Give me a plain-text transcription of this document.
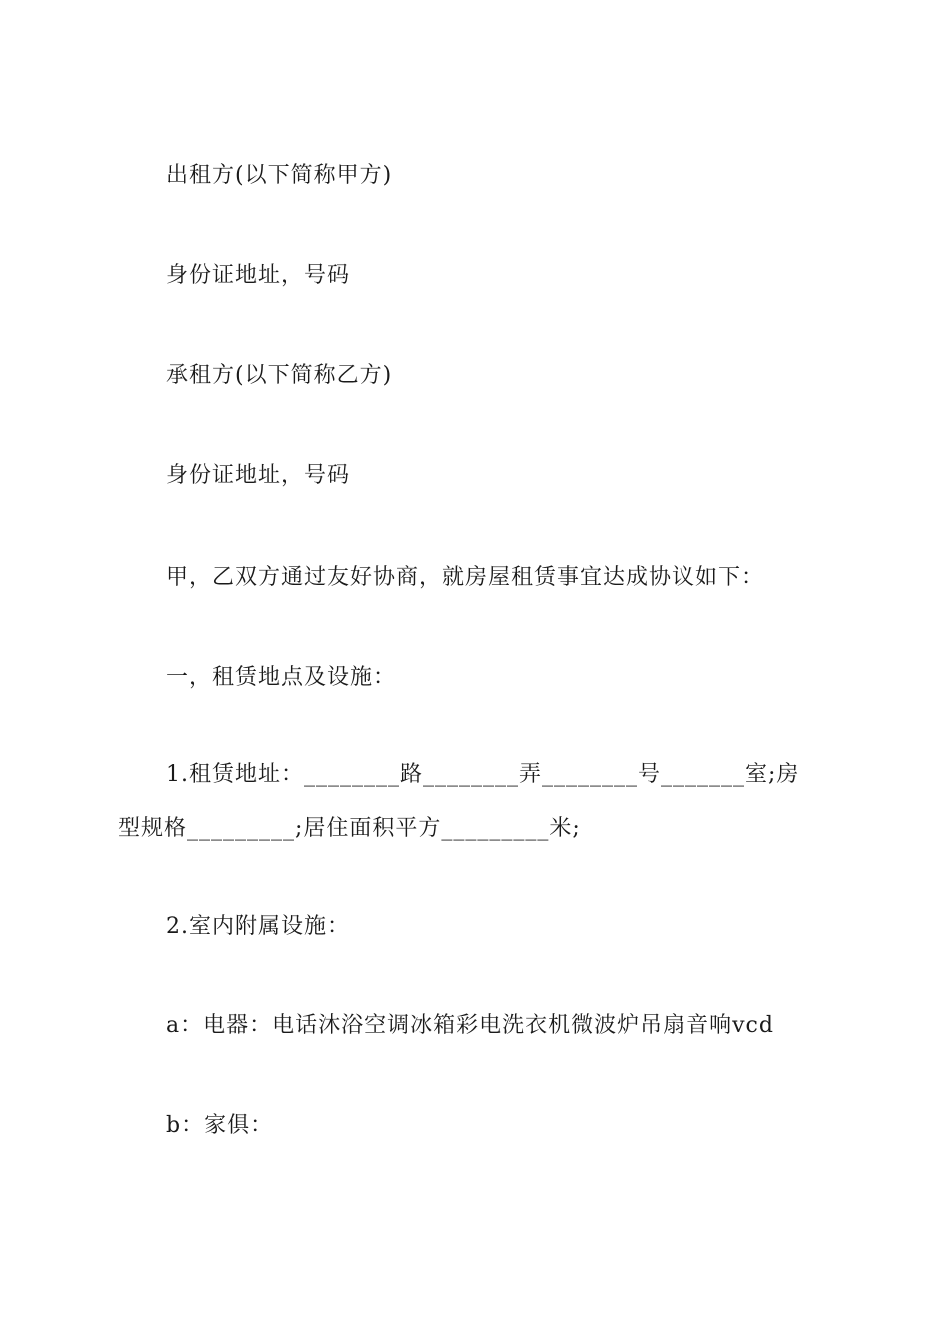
出租方(以下简称甲方)
身份证地址，号码
承租方(以下简称乙方)
身份证地址，号码
甲，乙双方通过友好协商，就房屋租赁事宜达成协议如下：
一，租赁地点及设施：
1.租赁地址：________路________弄________号_______室;房
型规格_________;居住面积平方_________米;
2.室内附属设施：
a：电器：电话沐浴空调冰箱彩电洗衣机微波炉吊扇音响vcd
b：家俱：
